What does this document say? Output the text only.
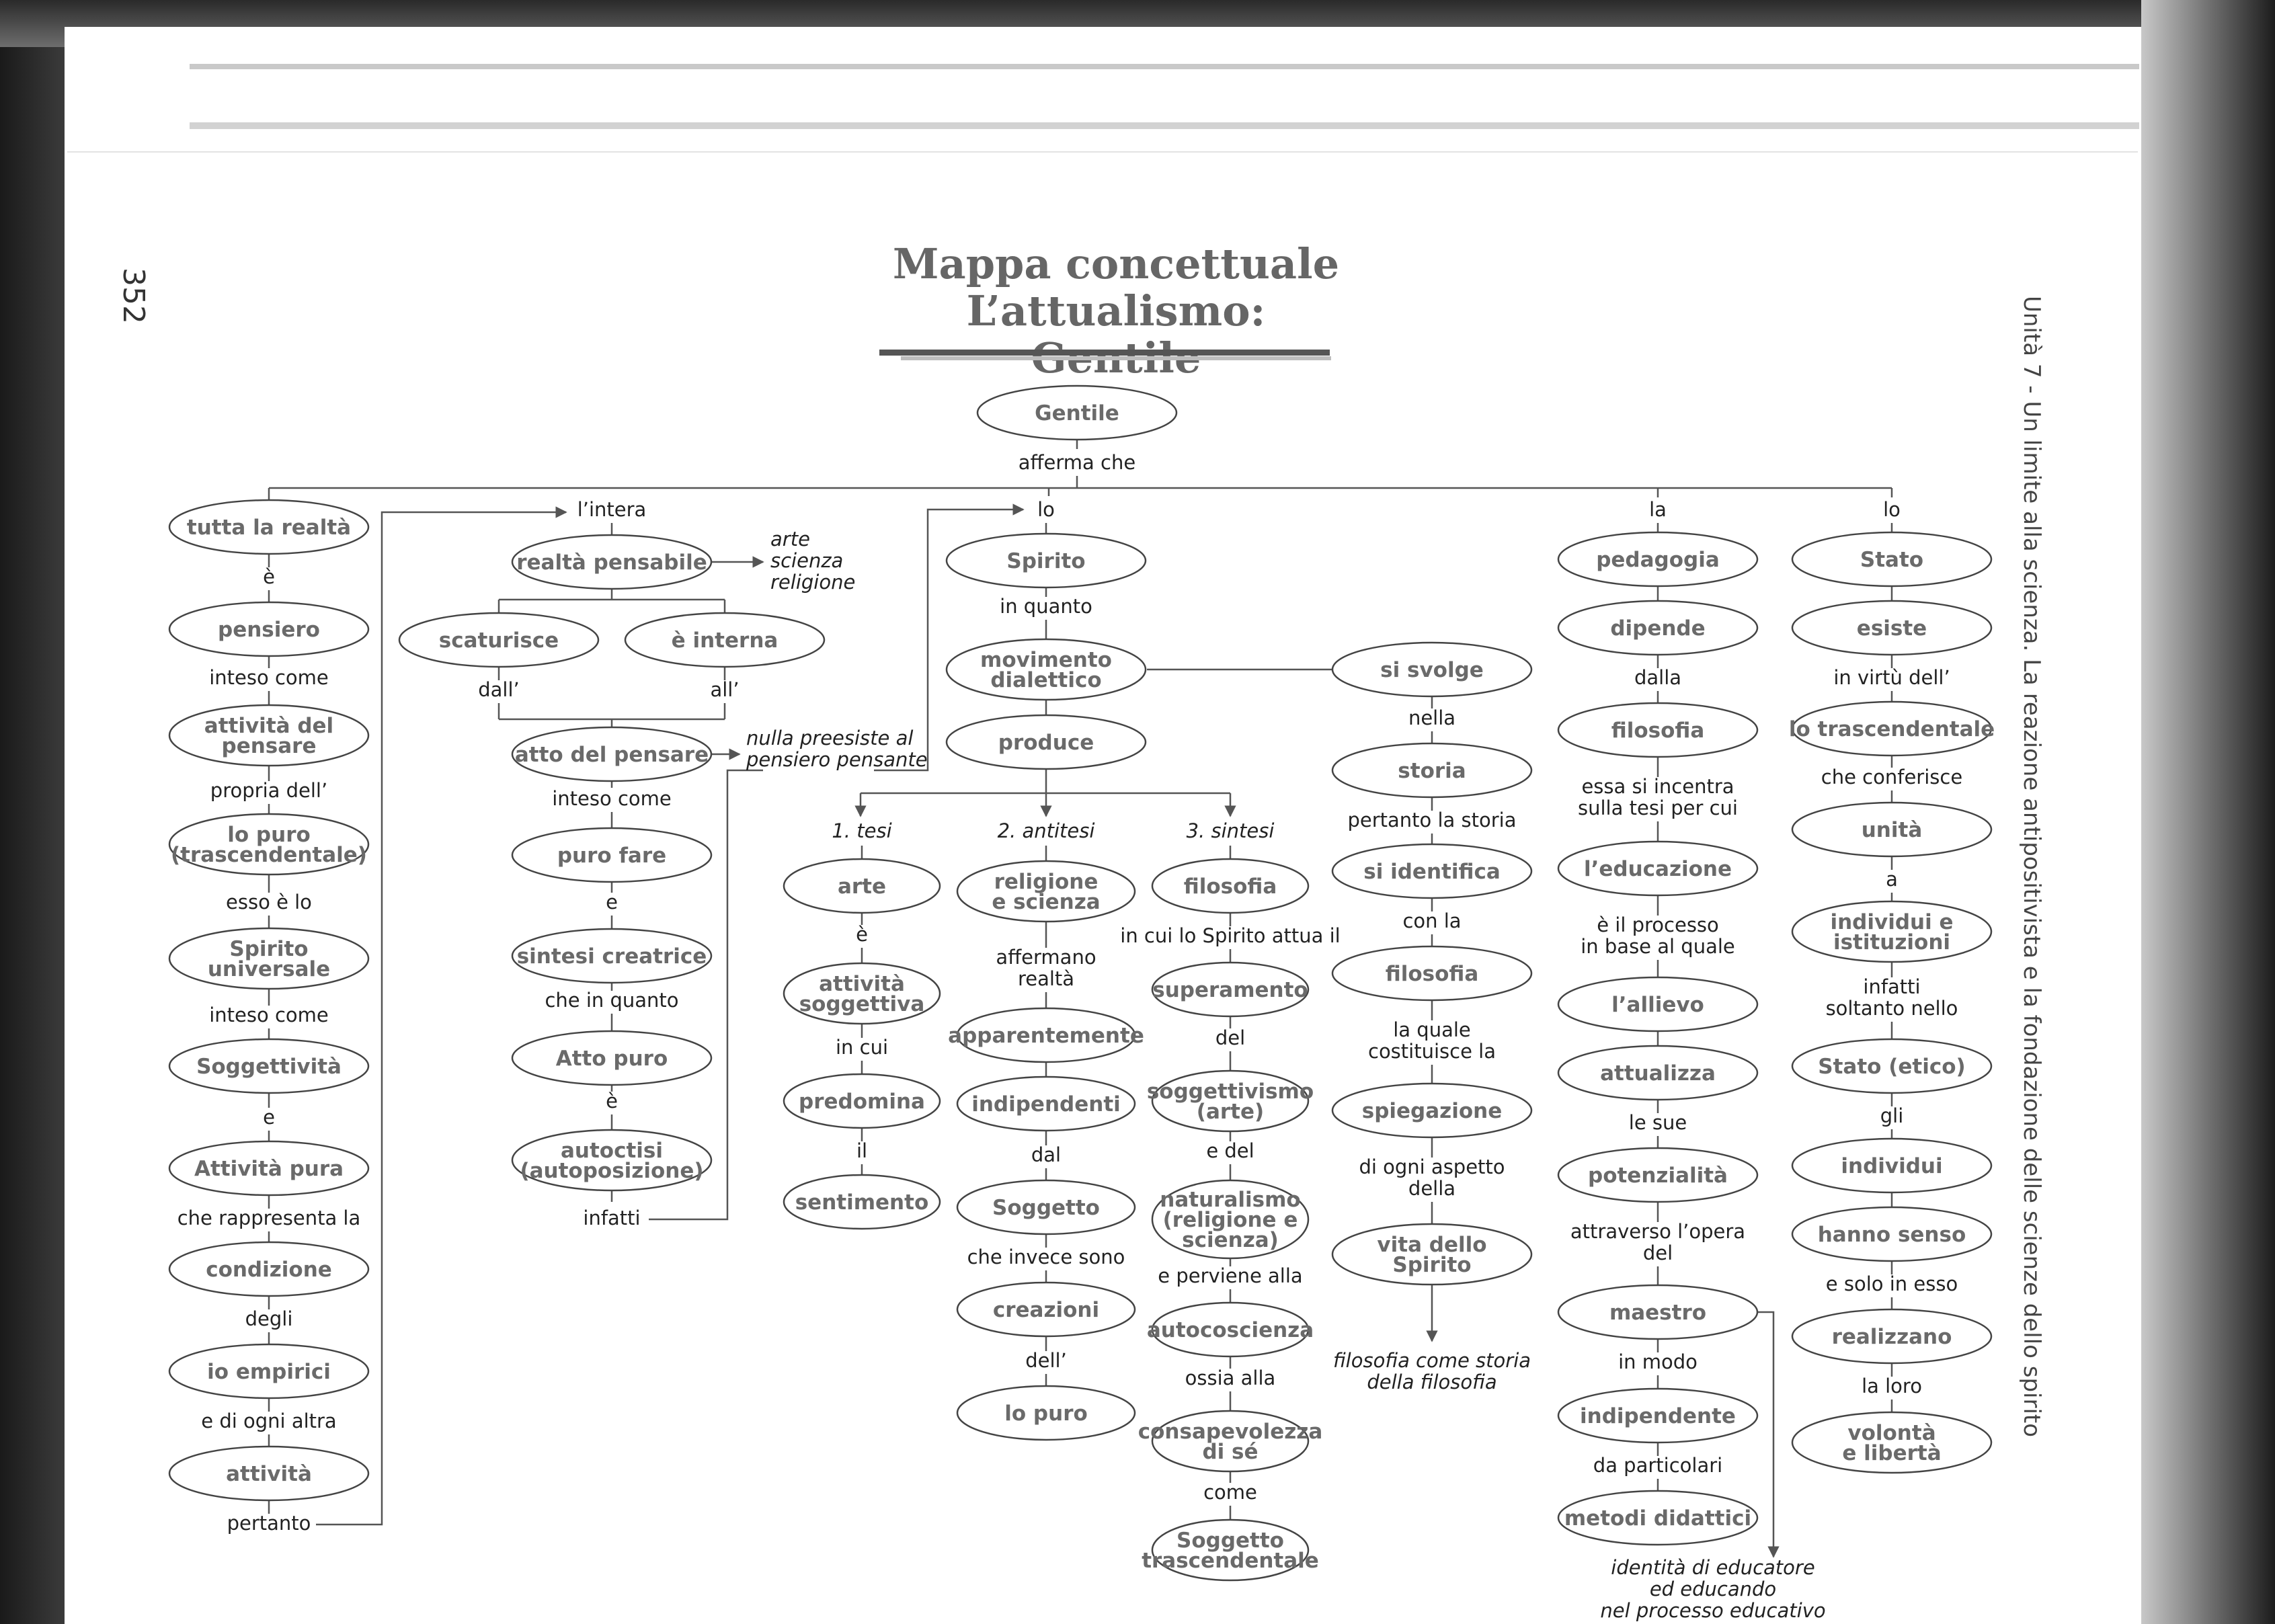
352
Unità 7 - Un limite alla scienza. La reazione antipositivista e la fondazione delle scienze dello spirito
Mappa concettuale
L’attualismo:
afferma che
è
inteso come
propria dell’
esso è lo
inteso come
e
che rappresenta la
degli
e di ogni altra
pertanto
l’intera
arte
scienza
religione
dall’	all’
nulla preesiste al
pensiero pensante
inteso come
e
che in quanto
è
infatti
lo
in quanto
1. tesi
è
in cui
il
2. antitesi
affermano
realtà
dal
che invece sono
dell’
3. sintesi
in cui lo Spirito attua il
del
e del
e perviene alla
ossia alla
come
nella
pertanto la storia
con la
la quale
costituisce la
di ogni aspetto
della
filosofia come storia
della filosofia
la
dalla
essa si incentra
sulla tesi per cui
è il processo
in base al quale
le sue
attraverso l’opera
del
in modo
da particolari
identità di educatore
ed educando
nel processo educativo
lo
in virtù dell’
che conferisce
a
infatti
soltanto nello
gli
e solo in esso
la loro
Gentile
tutta la realtà
pensiero
attività del
pensare
lo puro
(trascendentale)
Spirito
universale
Soggettività
Attività pura
condizione
io empirici
attività
realtà pensabile
scaturisce	è interna
atto del pensare
puro fare
sintesi creatrice
Atto puro
autoctisi
(autoposizione)
Spirito
movimento
dialettico
produce
arte
attività
soggettiva
predomina
sentimento
religione
e scienza
apparentemente
indipendenti
Soggetto
creazioni
lo puro
filosofia
superamento
soggettivismo
(arte)
naturalismo
(religione e
scienza)
autocoscienza
consapevolezza
di sé
Soggetto
trascendentale
si svolge
storia
si identifica
filosofia
spiegazione
vita dello
Spirito
pedagogia
dipende
filosofia
l’educazione
l’allievo
attualizza
potenzialità
maestro
indipendente
metodi didattici
Stato
esiste
lo trascendentale
unità
individui e
istituzioni
Stato (etico)
individui
hanno senso
realizzano
volontà
e libertà
